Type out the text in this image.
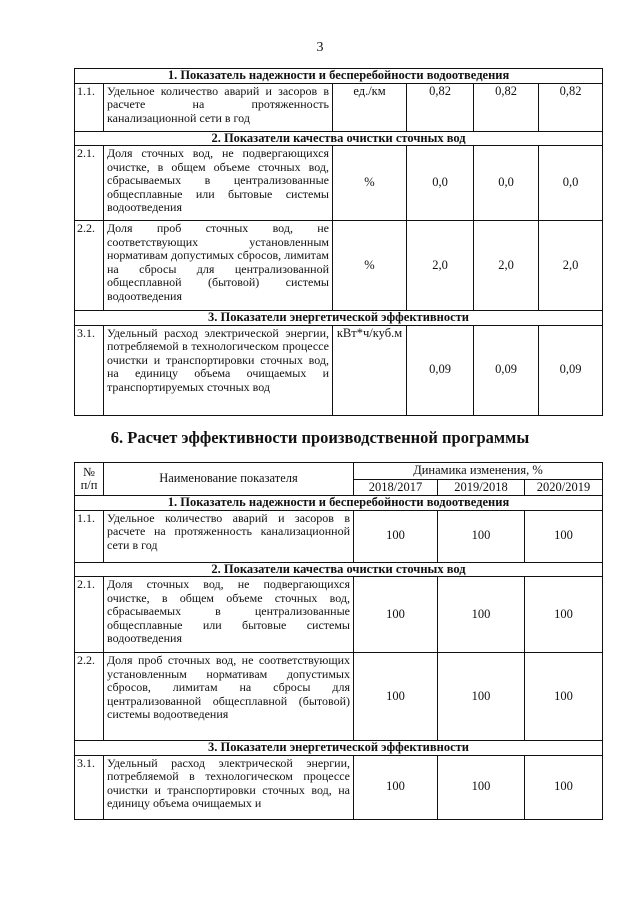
3
1. Показатель надежности и бесперебойности водоотведения					
1.1.	Удельное количество аварий и засоров в расчете на протяженность канализационной сети в год	ед./км	0,82	0,82	0,82
2. Показатели качества очистки сточных вод					
2.1.	Доля сточных вод, не подвергающихся очистке, в общем объеме сточных вод, сбрасываемых в централизованные общесплавные или бытовые системы водоотведения	%	0,0	0,0	0,0
2.2.	Доля проб сточных вод, не соответствующих установленным нормативам допустимых сбросов, лимитам на сбросы для централизованной общесплавной (бытовой) системы водоотведения	%	2,0	2,0	2,0
3. Показатели энергетической эффективности					
3.1.	Удельный расход электрической энергии, потребляемой в технологическом процессе очистки и транспортировки сточных вод, на единицу объема очищаемых и транспортируемых сточных вод	кВт*ч/куб.м	0,09	0,09	0,09
6. Расчет эффективности производственной программы
№ п/п	Наименование показателя	Динамика изменения, %		
		2018/2017	2019/2018	2020/2019
1. Показатель надежности и бесперебойности водоотведения				
1.1.	Удельное количество аварий и засоров в расчете на протяженность канализационной сети в год	100	100	100
2. Показатели качества очистки сточных вод				
2.1.	Доля сточных вод, не подвергающихся очистке, в общем объеме сточных вод, сбрасываемых в централизованные общесплавные или бытовые системы водоотведения	100	100	100
2.2.	Доля проб сточных вод, не соответствующих установленным нормативам допустимых сбросов, лимитам на сбросы для централизованной общесплавной (бытовой) системы водоотведения	100	100	100
3. Показатели энергетической эффективности				
3.1.	Удельный расход электрической энергии, потребляемой в технологическом процессе очистки и транспортировки сточных вод, на единицу объема очищаемых и	100	100	100
